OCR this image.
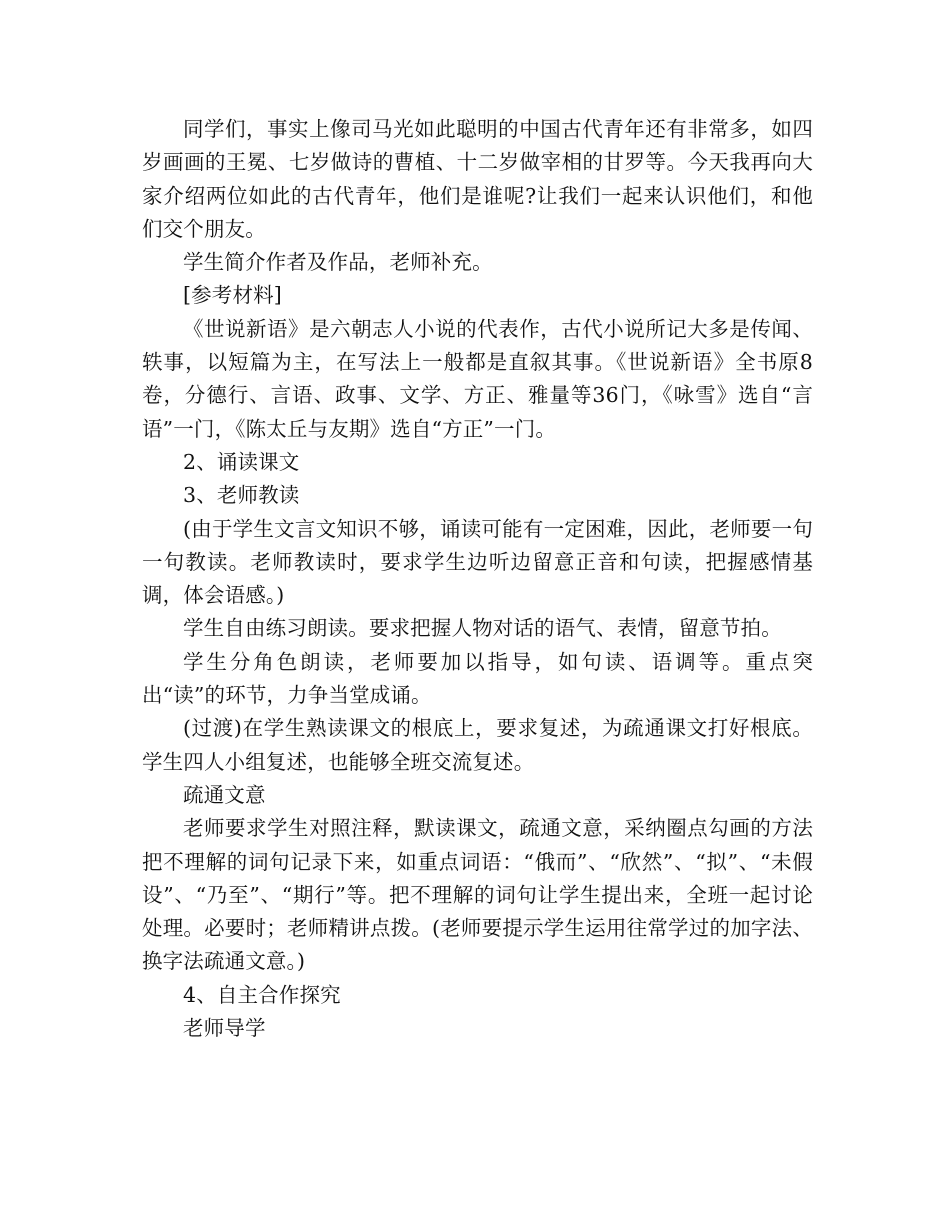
同学们，事实上像司马光如此聪明的中国古代青年还有非常多，如四岁画画的王冕、七岁做诗的曹植、十二岁做宰相的甘罗等。今天我再向大家介绍两位如此的古代青年，他们是谁呢?让我们一起来认识他们，和他们交个朋友。

学生简介作者及作品，老师补充。

[参考材料]

《世说新语》是六朝志人小说的代表作，古代小说所记大多是传闻、轶事，以短篇为主，在写法上一般都是直叙其事。《世说新语》全书原8卷，分德行、言语、政事、文学、方正、雅量等36门，《咏雪》选自“言语”一门，《陈太丘与友期》选自“方正”一门。

2、诵读课文

3、老师教读

(由于学生文言文知识不够，诵读可能有一定困难，因此，老师要一句一句教读。老师教读时，要求学生边听边留意正音和句读，把握感情基调，体会语感。)

学生自由练习朗读。要求把握人物对话的语气、表情，留意节拍。

学生分角色朗读，老师要加以指导，如句读、语调等。重点突出“读”的环节，力争当堂成诵。

(过渡)在学生熟读课文的根底上，要求复述，为疏通课文打好根底。学生四人小组复述，也能够全班交流复述。

疏通文意

老师要求学生对照注释，默读课文，疏通文意，采纳圈点勾画的方法把不理解的词句记录下来，如重点词语：“俄而”、“欣然”、“拟”、“未假设”、“乃至”、“期行”等。把不理解的词句让学生提出来，全班一起讨论处理。必要时；老师精讲点拨。(老师要提示学生运用往常学过的加字法、换字法疏通文意。)

4、自主合作探究

老师导学
